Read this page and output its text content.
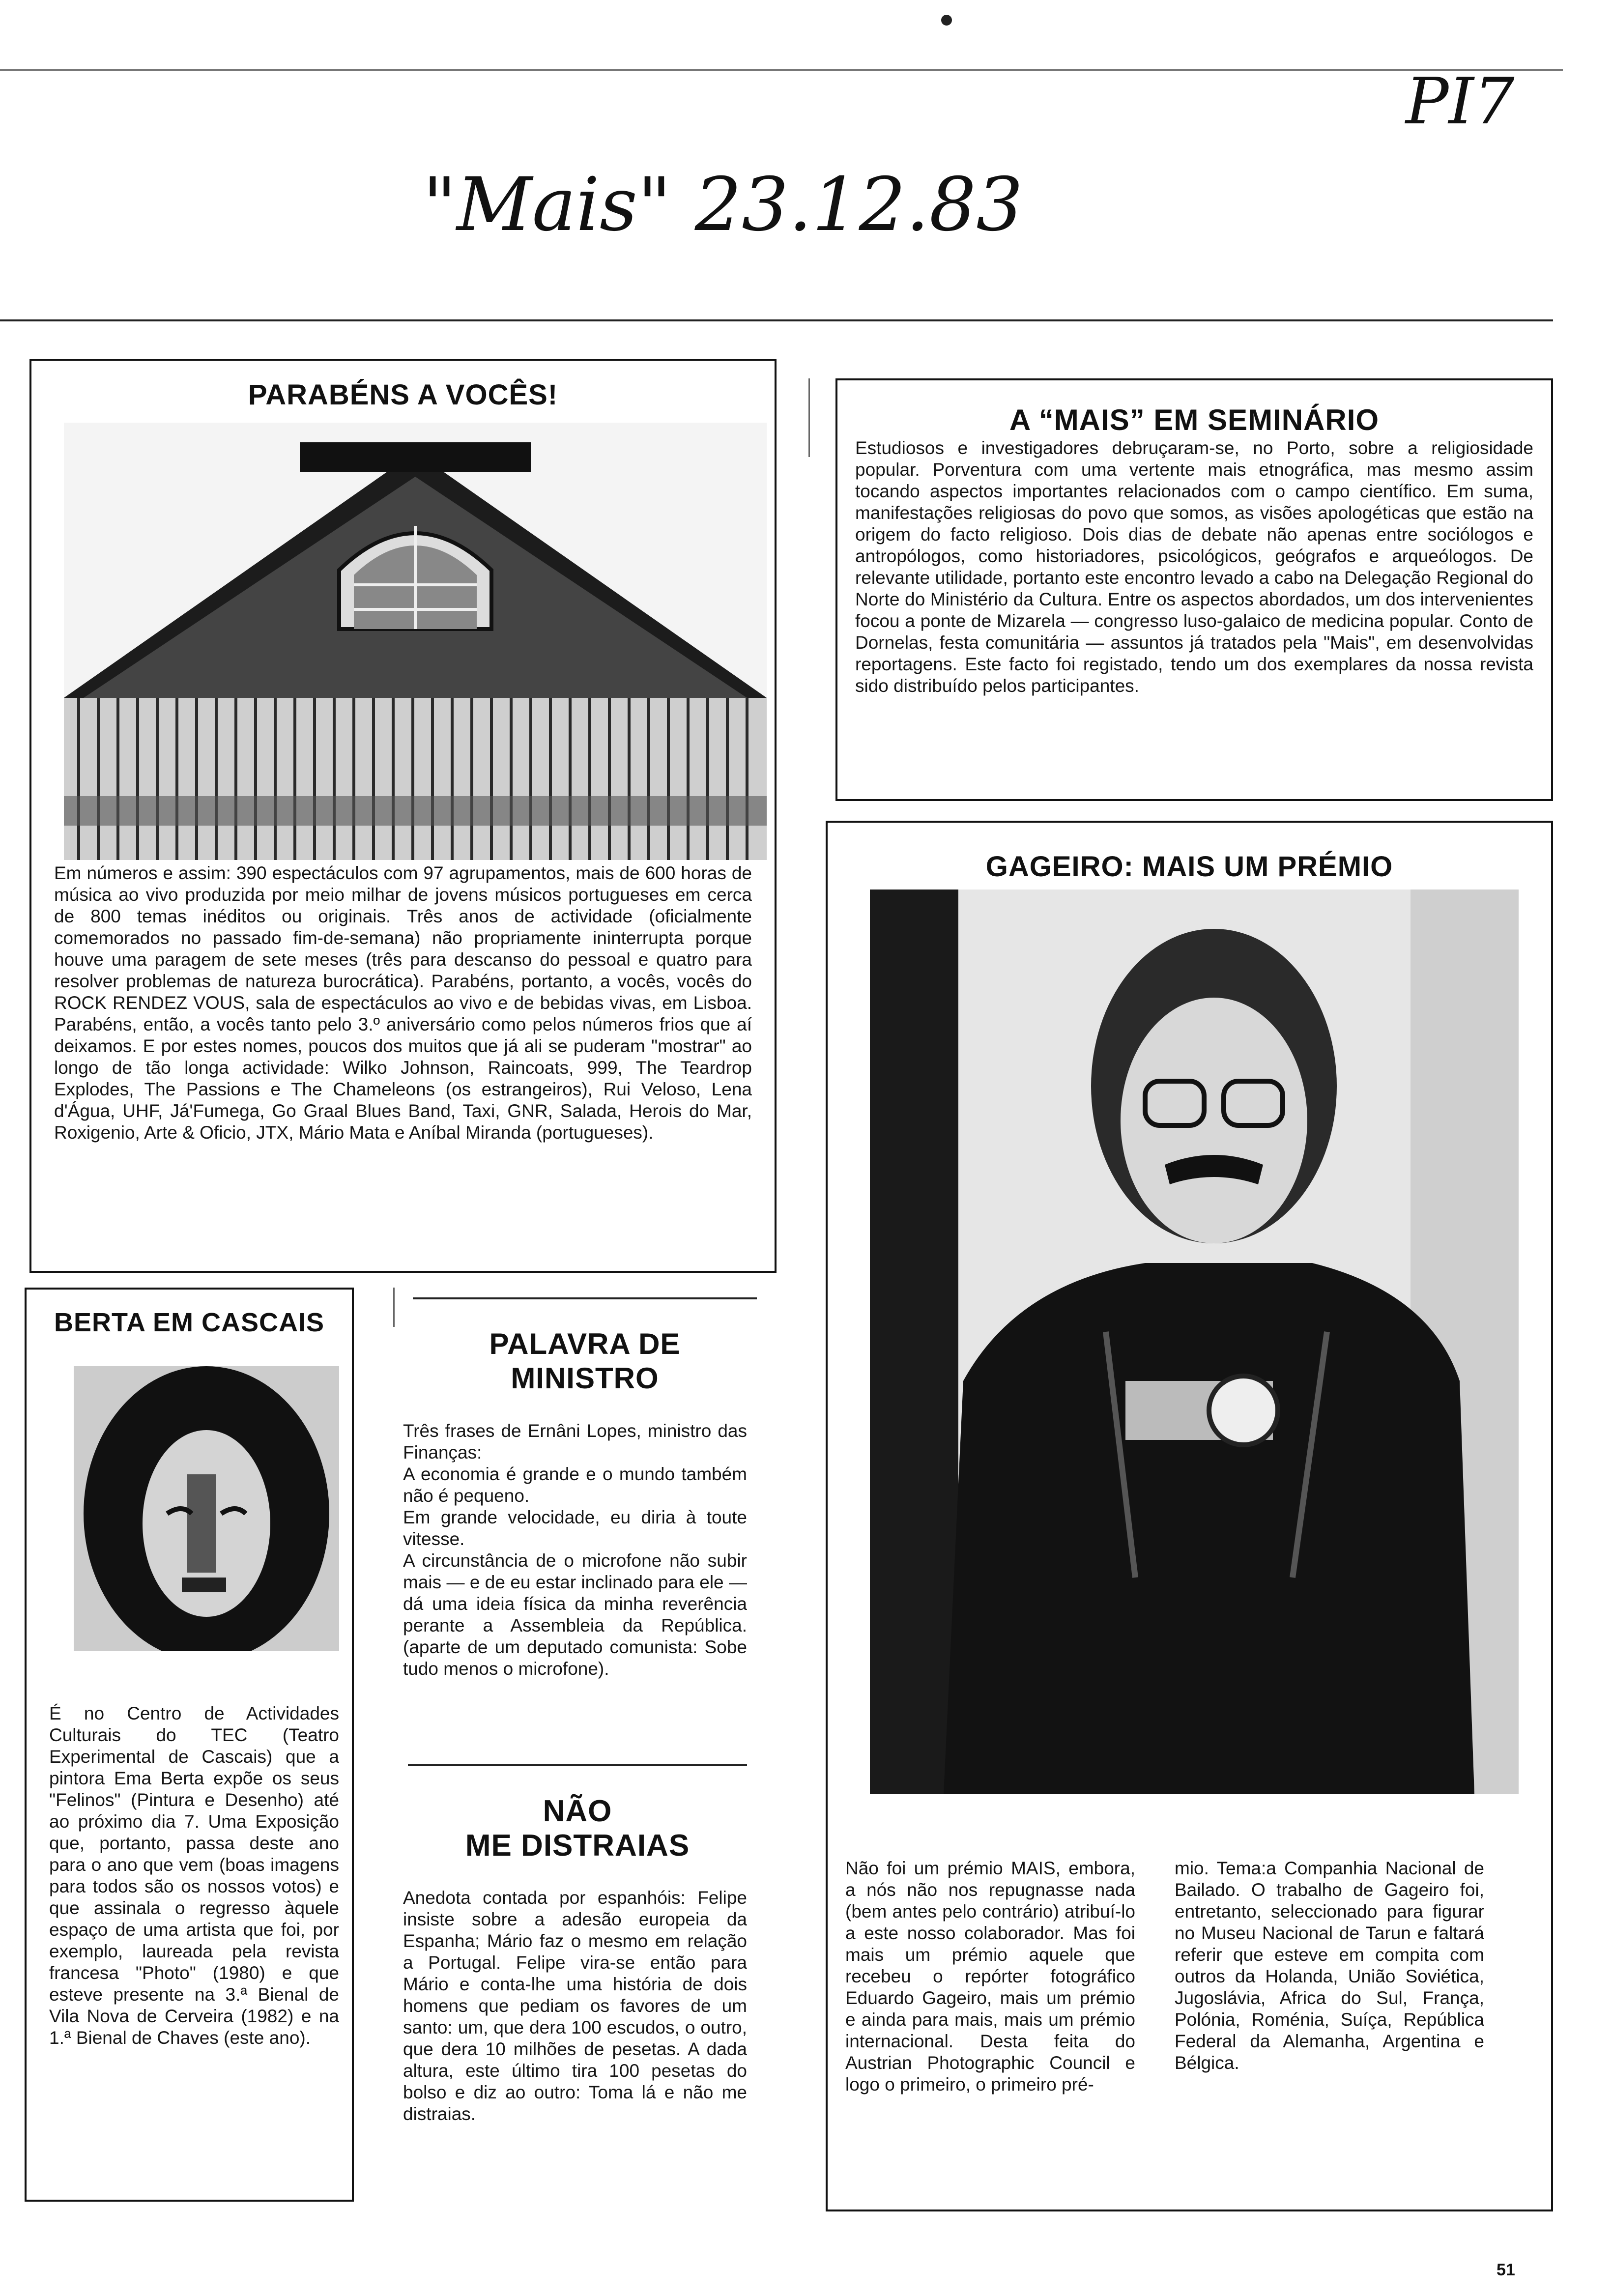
PI7
"Mais" 23.12.83
PARABÉNS A VOCÊS!
Em números e assim: 390 espectáculos com 97 agrupamentos, mais de 600 horas de música ao vivo produzida por meio milhar de jovens músicos portugueses em cerca de 800 temas inéditos ou originais. Três anos de actividade (oficialmente comemorados no passado fim-de-semana) não propriamente ininterrupta porque houve uma paragem de sete meses (três para descanso do pessoal e quatro para resolver problemas de natureza burocrática). Parabéns, portanto, a vocês, vocês do ROCK RENDEZ VOUS, sala de espectáculos ao vivo e de bebidas vivas, em Lisboa. Parabéns, então, a vocês tanto pelo 3.º aniversário como pelos números frios que aí deixamos. E por estes nomes, poucos dos muitos que já ali se puderam "mostrar" ao longo de tão longa actividade: Wilko Johnson, Raincoats, 999, The Teardrop Explodes, The Passions e The Chameleons (os estrangeiros), Rui Veloso, Lena d'Água, UHF, Já'Fumega, Go Graal Blues Band, Taxi, GNR, Salada, Herois do Mar, Roxigenio, Arte & Oficio, JTX, Mário Mata e Aníbal Miranda (portugueses).
A “MAIS” EM SEMINÁRIO
Estudiosos e investigadores debruçaram-se, no Porto, sobre a religiosidade popular. Porventura com uma vertente mais etnográfica, mas mesmo assim tocando aspectos importantes relacionados com o campo científico. Em suma, manifestações religiosas do povo que somos, as visões apologéticas que estão na origem do facto religioso. Dois dias de debate não apenas entre sociólogos e antropólogos, como historiadores, psicológicos, geógrafos e arqueólogos. De relevante utilidade, portanto este encontro levado a cabo na Delegação Regional do Norte do Ministério da Cultura. Entre os aspectos abordados, um dos intervenientes focou a ponte de Mizarela — congresso luso-galaico de medicina popular. Conto de Dornelas, festa comunitária — assuntos já tratados pela "Mais", em desenvolvidas reportagens. Este facto foi registado, tendo um dos exemplares da nossa revista sido distribuído pelos participantes.
GAGEIRO: MAIS UM PRÉMIO
Não foi um prémio MAIS, embora, a nós não nos repugnasse nada (bem antes pelo contrário) atribuí-lo a este nosso colaborador. Mas foi mais um prémio aquele que recebeu o repórter fotográfico Eduardo Gageiro, mais um prémio e ainda para mais, mais um prémio internacional. Desta feita do Austrian Photographic Council e logo o primeiro, o primeiro pré-
mio. Tema:a Companhia Nacional de Bailado. O trabalho de Gageiro foi, entretanto, seleccionado para figurar no Museu Nacional de Tarun e faltará referir que esteve em compita com outros da Holanda, União Soviética, Jugoslávia, Africa do Sul, França, Polónia, Roménia, Suíça, República Federal da Alemanha, Argentina e Bélgica.
BERTA EM CASCAIS
É no Centro de Actividades Culturais do TEC (Teatro Experimental de Cascais) que a pintora Ema Berta expõe os seus "Felinos" (Pintura e Desenho) até ao próximo dia 7. Uma Exposição que, portanto, passa deste ano para o ano que vem (boas imagens para todos são os nossos votos) e que assinala o regresso àquele espaço de uma artista que foi, por exemplo, laureada pela revista francesa "Photo" (1980) e que esteve presente na 3.ª Bienal de Vila Nova de Cerveira (1982) e na 1.ª Bienal de Chaves (este ano).
PALAVRA DE
MINISTRO

Três frases de Ernâni Lopes, ministro das Finanças:

A economia é grande e o mundo também não é pequeno.

Em grande velocidade, eu diria à toute vitesse.

A circunstância de o microfone não subir mais — e de eu estar inclinado para ele — dá uma ideia física da minha reverência perante a Assembleia da República. (aparte de um deputado comunista: Sobe tudo menos o microfone).

NÃO
ME DISTRAIAS
Anedota contada por espanhóis: Felipe insiste sobre a adesão europeia da Espanha; Mário faz o mesmo em relação a Portugal. Felipe vira-se então para Mário e conta-lhe uma história de dois homens que pediam os favores de um santo: um, que dera 100 escudos, o outro, que dera 10 milhões de pesetas. A dada altura, este último tira 100 pesetas do bolso e diz ao outro: Toma lá e não me distraias.
51
